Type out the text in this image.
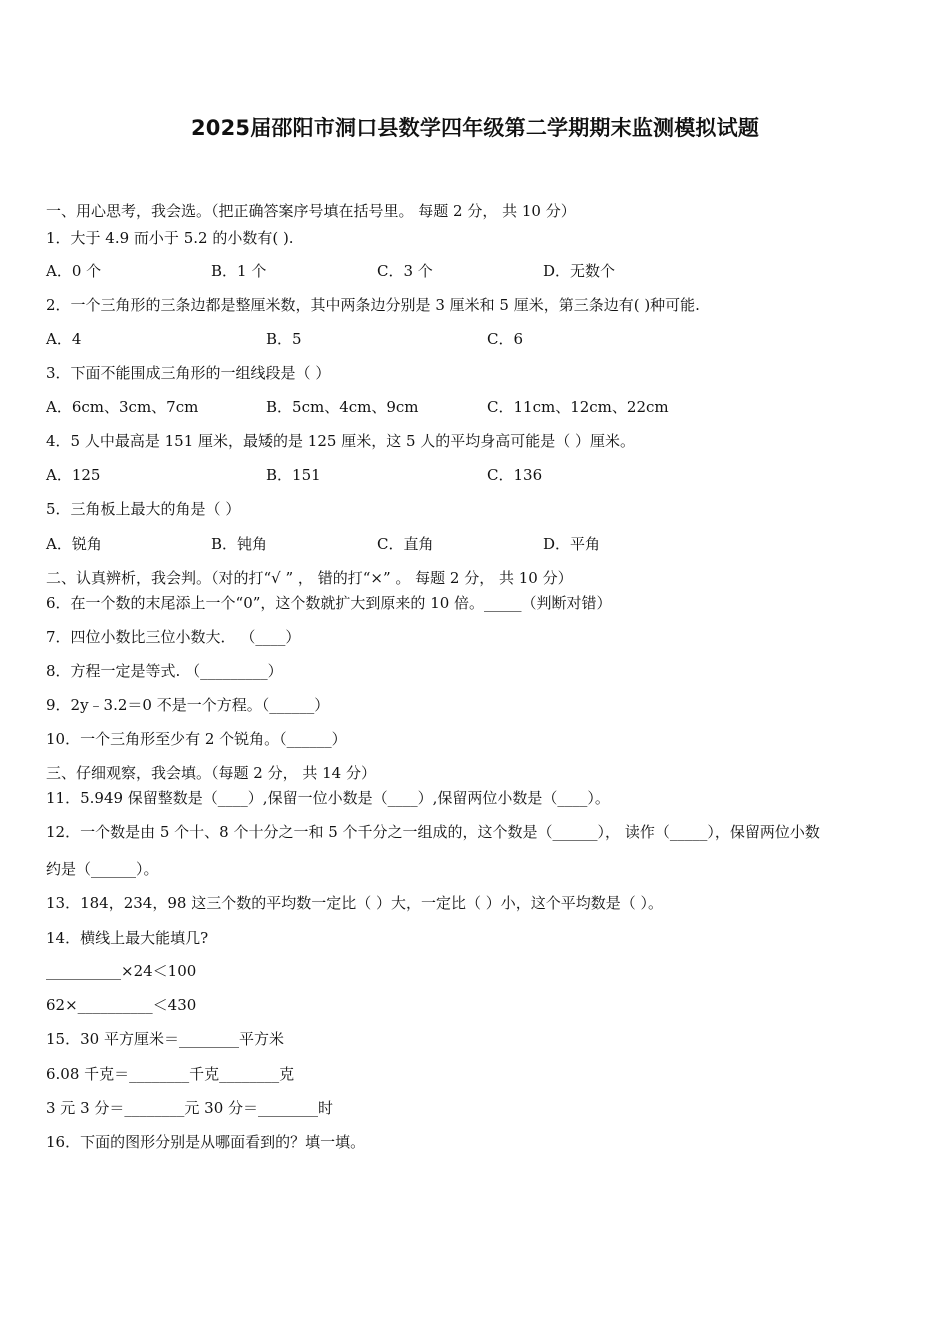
2025届邵阳市洞口县数学四年级第二学期期末监测模拟试题
一、用心思考，我会选。（把正确答案序号填在括号里。 每题 2 分， 共 10 分）
1．大于 4.9 而小于 5.2 的小数有( ).
A．0 个	B．1 个	C．3 个	D．无数个
2．一个三角形的三条边都是整厘米数，其中两条边分别是 3 厘米和 5 厘米，第三条边有( )种可能.
A．4	B．5	C．6
3．下面不能围成三角形的一组线段是（ ）
A．6cm、3cm、7cm	B．5cm、4cm、9cm	C．11cm、12cm、22cm
4．5 人中最高是 151 厘米，最矮的是 125 厘米，这 5 人的平均身高可能是（ ）厘米。
A．125	B．151	C．136
5．三角板上最大的角是（ ）
A．锐角	B．钝角	C．直角	D．平角
二、认真辨析，我会判。（对的打“√ ” ， 错的打“×” 。 每题 2 分， 共 10 分）
6．在一个数的末尾添上一个“0”，这个数就扩大到原来的 10 倍。_____（判断对错）
7．四位小数比三位小数大． （____）
8．方程一定是等式. （_________）
9．2y﹣3.2＝0 不是一个方程。（______）
10．一个三角形至少有 2 个锐角。（______）
三、仔细观察，我会填。（每题 2 分， 共 14 分）
11．5.949 保留整数是（____）,保留一位小数是（____）,保留两位小数是（____）。
12．一个数是由 5 个十、8 个十分之一和 5 个千分之一组成的，这个数是（______）， 读作（_____），保留两位小数
约是（______）。
13．184，234，98 这三个数的平均数一定比（ ）大，一定比（ ）小，这个平均数是（ ）。
14．横线上最大能填几?
__________×24＜100
62×__________＜430
15．30 平方厘米＝________平方米
6.08 千克＝________千克________克
3 元 3 分＝________元 30 分＝________时
16．下面的图形分别是从哪面看到的？填一填。
